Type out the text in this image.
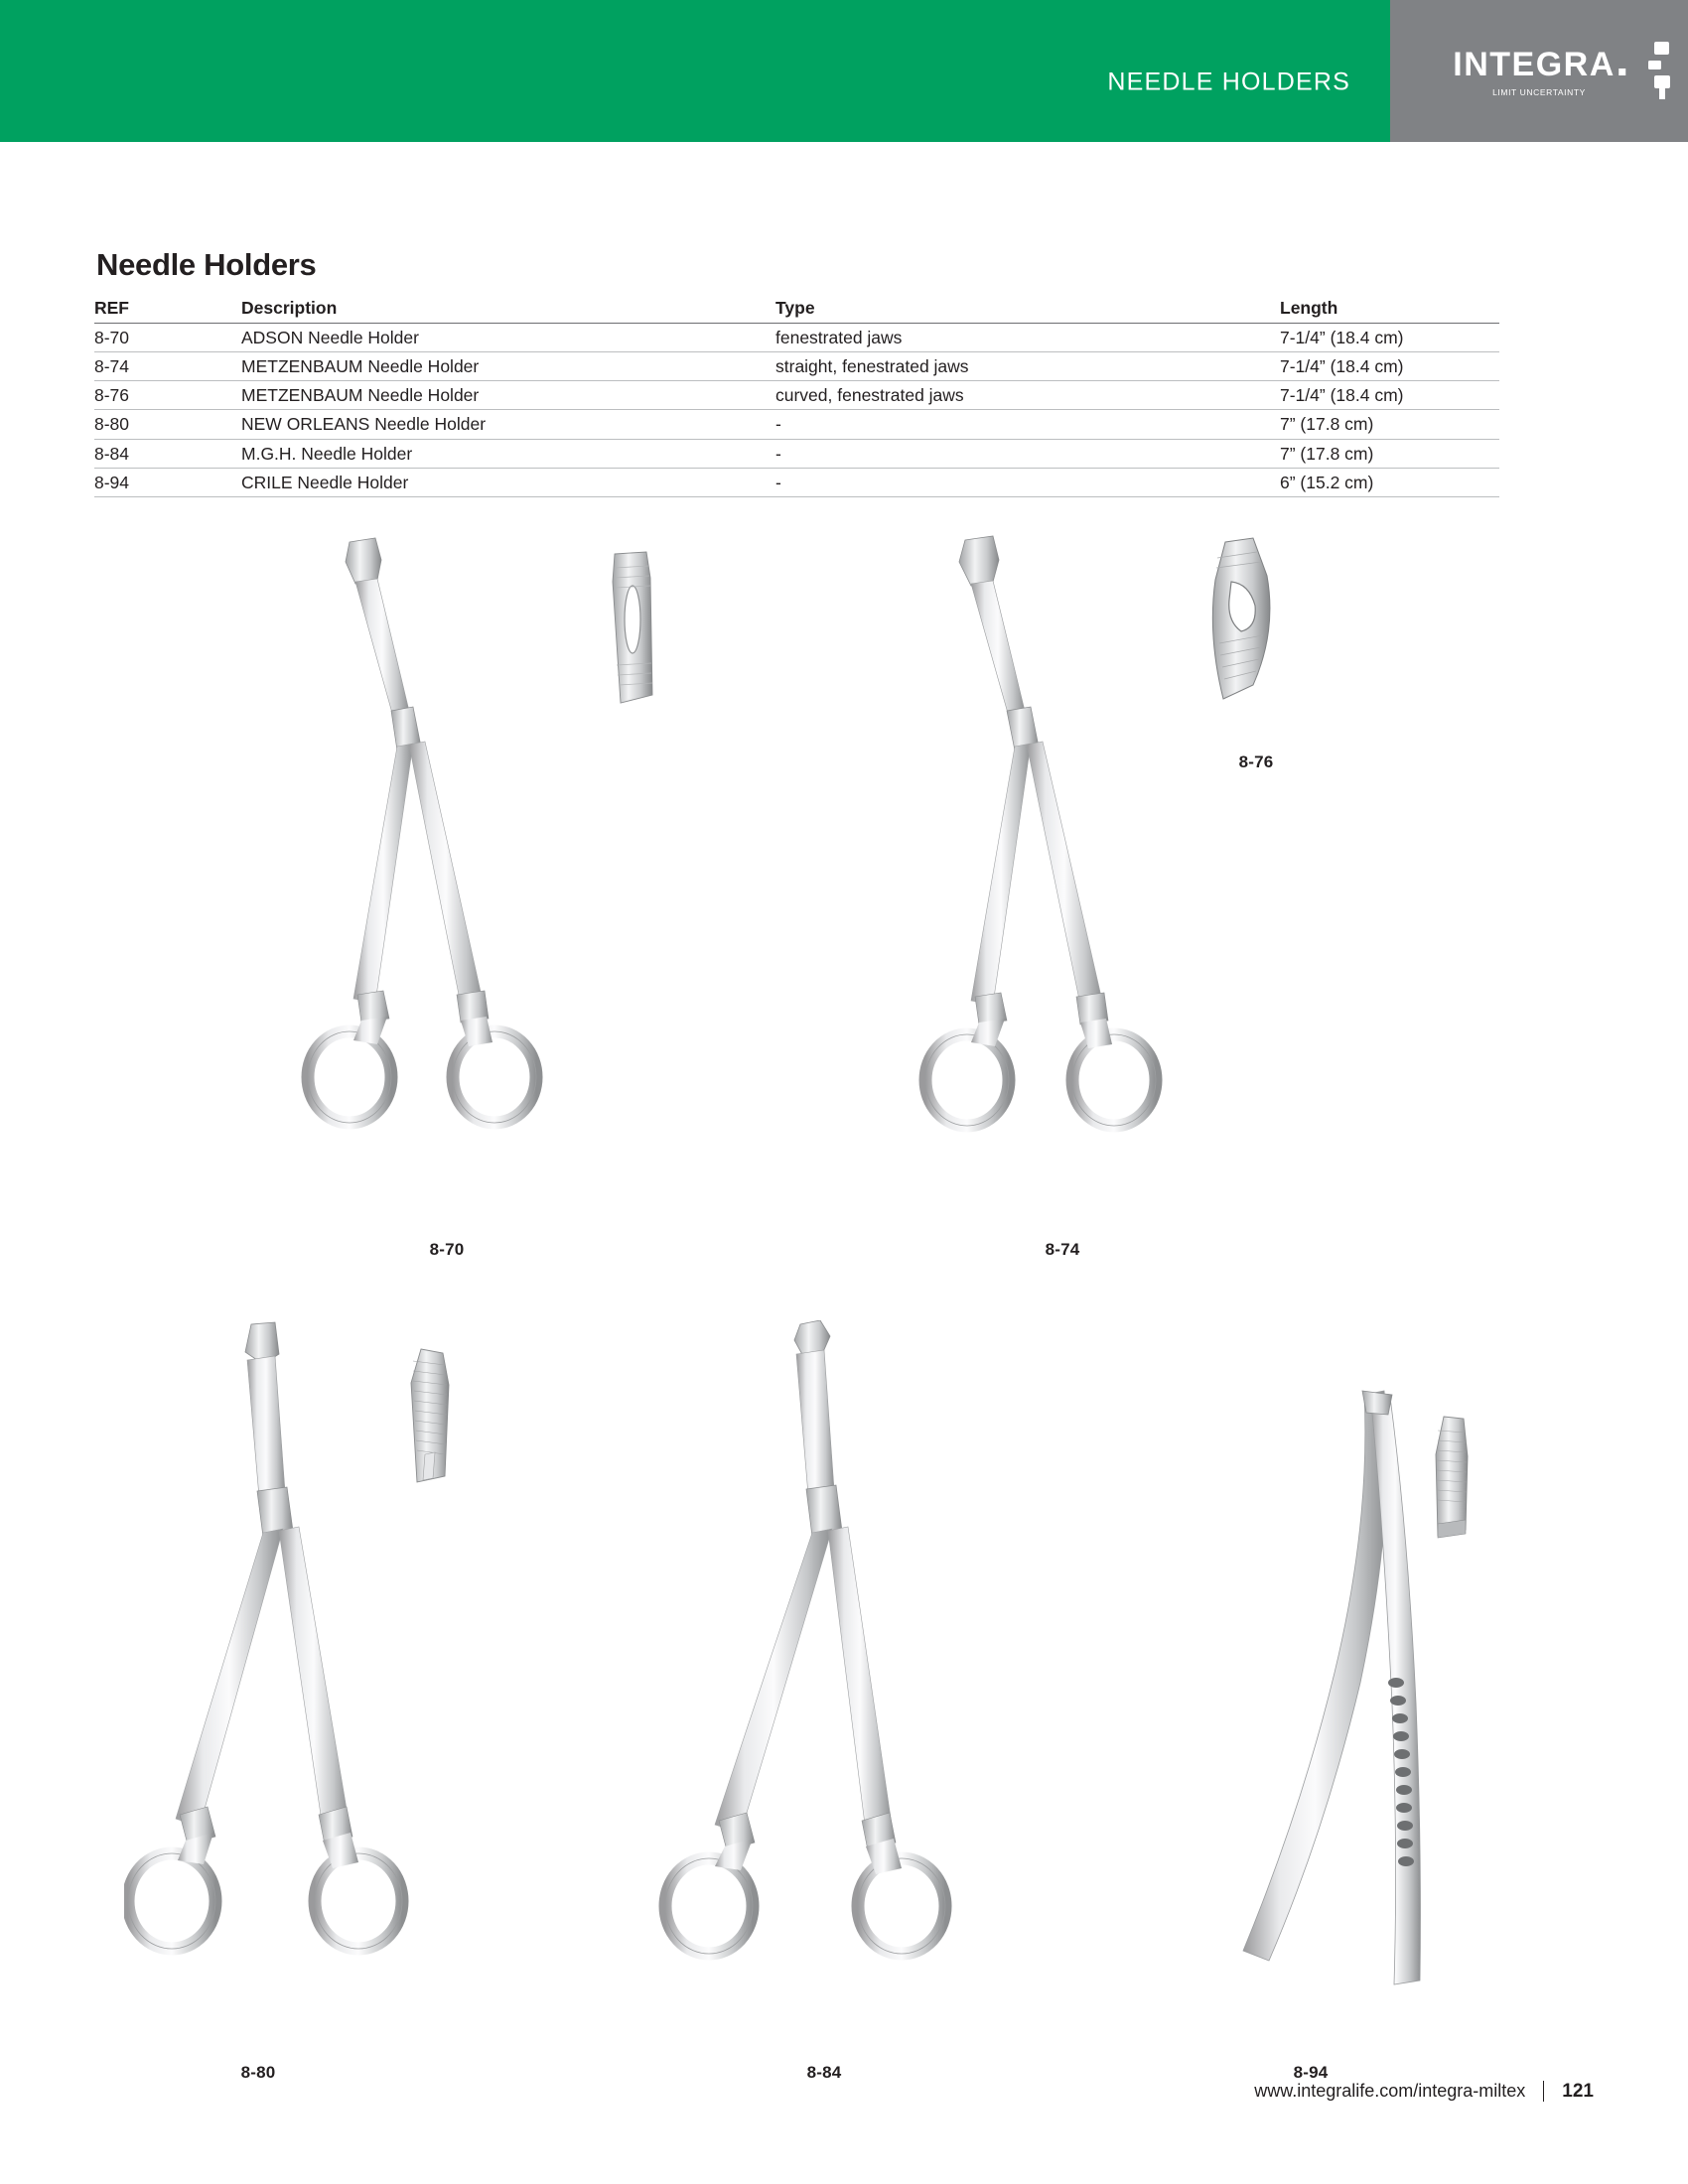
NEEDLE HOLDERS	INTEGRA
LIMIT UNCERTAINTY
Needle Holders
REF	Description	Type	Length
8-70	ADSON Needle Holder	fenestrated jaws	7-1/4” (18.4 cm)
8-74	METZENBAUM Needle Holder	straight, fenestrated jaws	7-1/4” (18.4 cm)
8-76	METZENBAUM Needle Holder	curved, fenestrated jaws	7-1/4” (18.4 cm)
8-80	NEW ORLEANS Needle Holder	-	7” (17.8 cm)
8-84	M.G.H. Needle Holder	-	7” (17.8 cm)
8-94	CRILE Needle Holder	-	6” (15.2 cm)
8-70	8-74
8-76
8-80	8-84	8-94
www.integralife.com/integra-miltex 121
